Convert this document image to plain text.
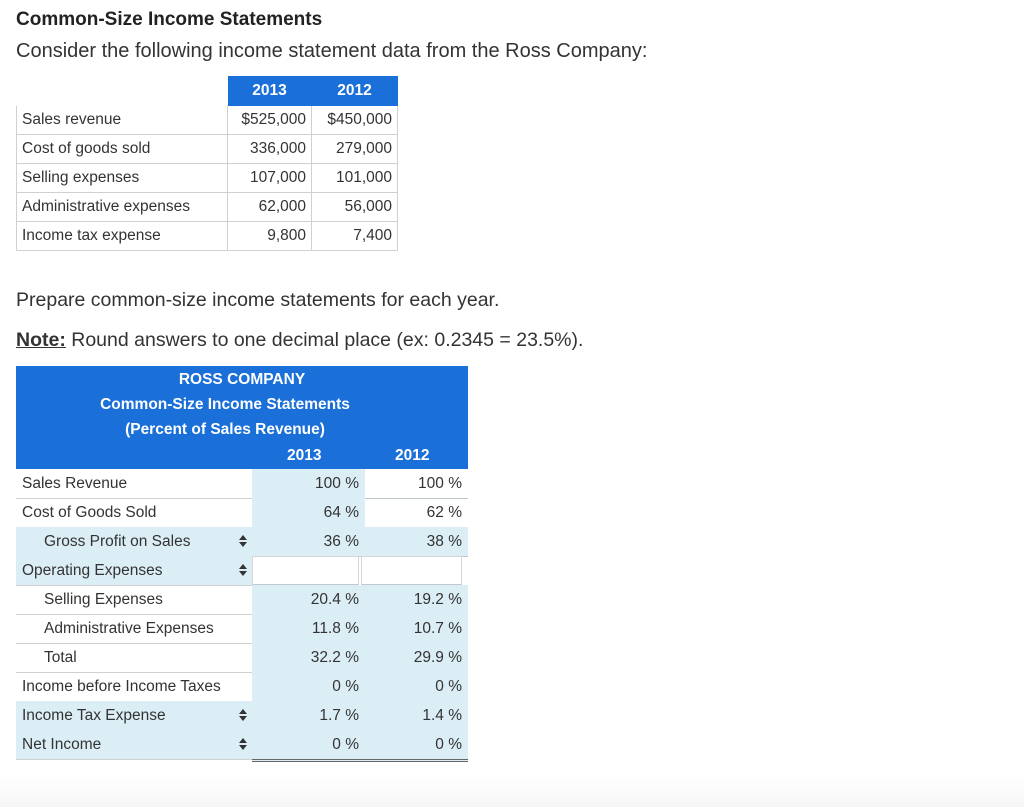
Common-Size Income Statements
Consider the following income statement data from the Ross Company:
	2013	2012
Sales revenue	$525,000	$450,000
Cost of goods sold	336,000	279,000
Selling expenses	107,000	101,000
Administrative expenses	62,000	56,000
Income tax expense	9,800	7,400
Prepare common-size income statements for each year.
Note: Round answers to one decimal place (ex: 0.2345 = 23.5%).
ROSS COMPANY
Common-Size Income Statements
(Percent of Sales Revenue)
2013	2012
Sales Revenue	100 %	100 %
Cost of Goods Sold	64 %	62 %
Gross Profit on Sales	36 %	38 %
Operating Expenses
Selling Expenses	20.4 %	19.2 %
Administrative Expenses	11.8 %	10.7 %
Total	32.2 %	29.9 %
Income before Income Taxes	0 %	0 %
Income Tax Expense	1.7 %	1.4 %
Net Income	0 %	0 %
